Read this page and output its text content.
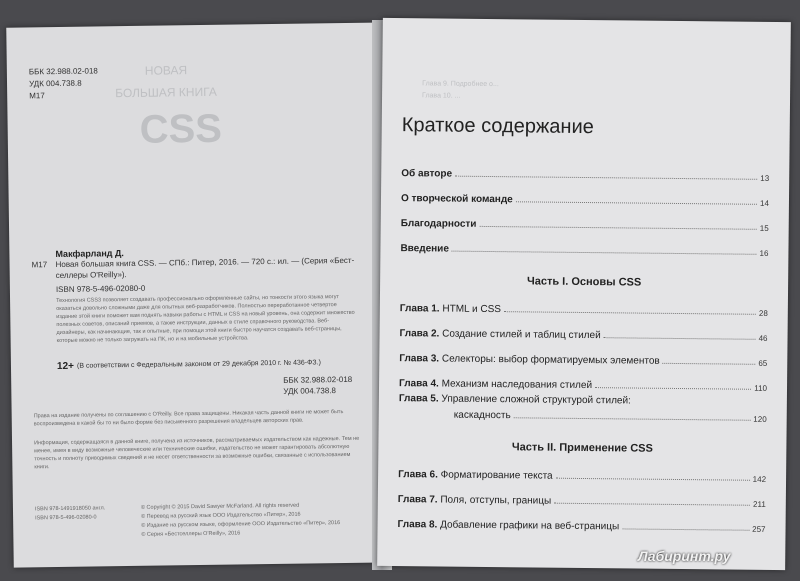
НОВАЯ
БОЛЬШАЯ КНИГА
CSS
ББК 32.988.02-018
УДК 004.738.8
М17
Макфарланд Д.
М17 Новая большая книга CSS. — СПб.: Питер, 2016. — 720 с.: ил. — (Серия «Бест-
селлеры O'Reilly»).
ISBN 978-5-496-02080-0
Технология CSS3 позволяет создавать профессионально оформленные сайты, но тонкости этого языка могут оказаться довольно сложными даже для опытных веб-разработчиков. Полностью переработанное четвертое издание этой книги поможет вам поднять навыки работы с HTML и CSS на новый уровень, она содержит множество полезных советов, описаний приемов, а также инструкции, данных в стиле справочного руководства. Веб-дизайнеры, как начинающие, так и опытные, при помощи этой книги быстро научатся создавать веб-страницы, которые можно не только загружать на ПК, но и на мобильные устройства.
12+ (В соответствии с Федеральным законом от 29 декабря 2010 г. № 436-ФЗ.)
ББК 32.988.02-018
УДК 004.738.8
Права на издание получены по соглашению с O'Reilly. Все права защищены. Никакая часть данной книги не может быть воспроизведена в какой бы то ни было форме без письменного разрешения владельцев авторских прав.
Информация, содержащаяся в данной книге, получена из источников, рассматриваемых издательством как надежные. Тем не менее, имея в виду возможные человеческие или технические ошибки, издательство не может гарантировать абсолютную точность и полноту приводимых сведений и не несет ответственности за возможные ошибки, связанные с использованием книги.
ISBN 978-1491918050 англ.
ISBN 978-5-496-02080-0
© Copyright © 2015 David Sawyer McFarland. All rights reserved
© Перевод на русский язык ООО Издательство «Питер», 2016
© Издание на русском языке, оформление ООО Издательство «Питер», 2016
© Серия «Бестселлеры O'Reilly», 2016
Глава 9. Подробнее о...
Глава 10. ...
Краткое содержание
Об авторе	13
О творческой команде	14
Благодарности	15
Введение	16
Часть I. Основы CSS
Глава 1. HTML и CSS	28
Глава 2. Создание стилей и таблиц стилей	46
Глава 3. Селекторы: выбор форматируемых элементов	65
Глава 4. Механизм наследования стилей	110
Глава 5. Управление сложной структурой стилей:
каскадность	120
Часть II. Применение CSS
Глава 6. Форматирование текста	142
Глава 7. Поля, отступы, границы	211
Глава 8. Добавление графики на веб-страницы	257
Лабиринт.ру
